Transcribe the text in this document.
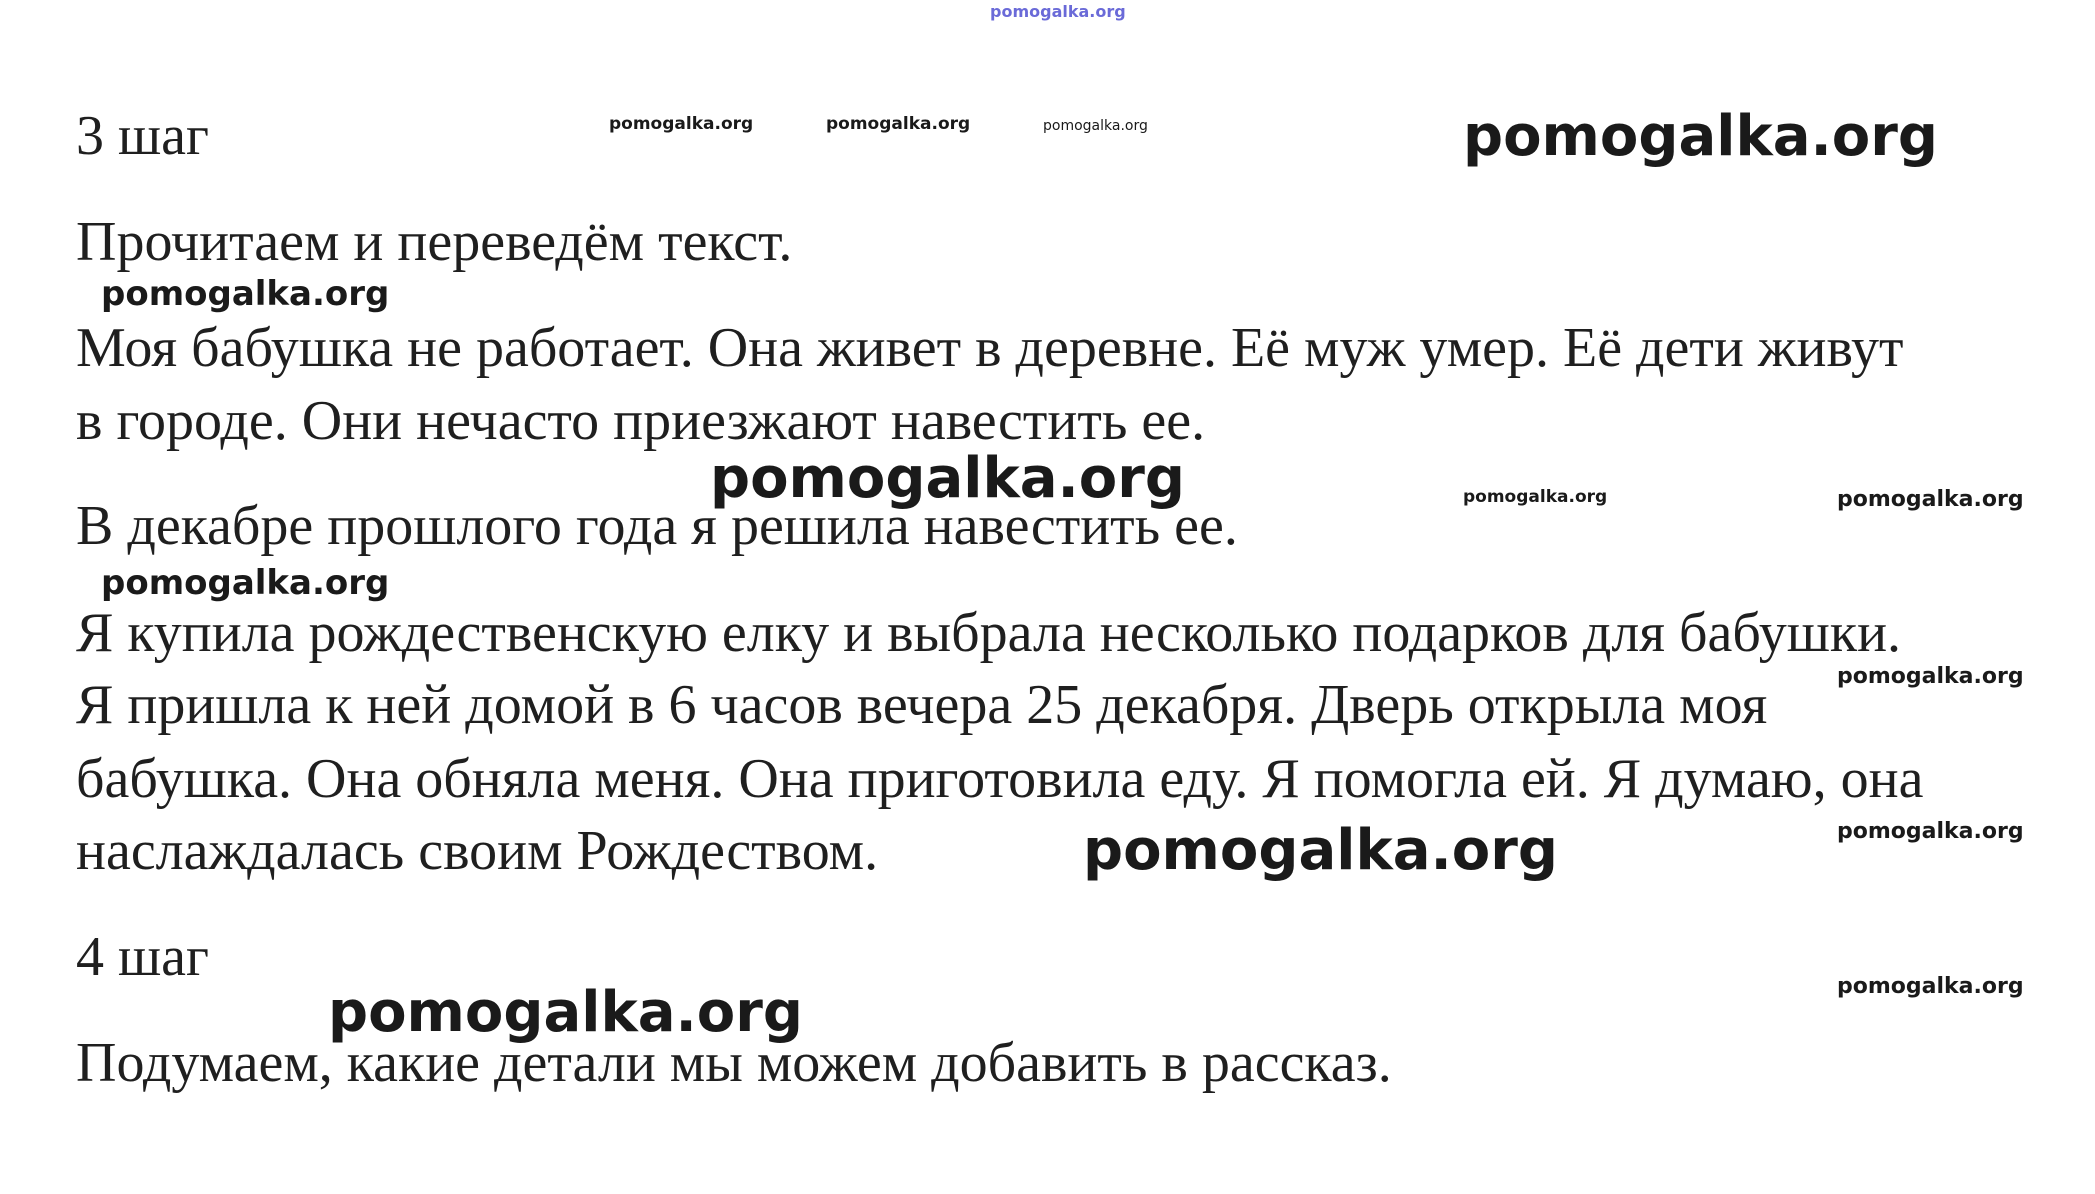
pomogalka.org
3 шаг	pomogalka.org	pomogalka.org	pomogalka.org	pomogalka.org
Прочитаем и переведём текст.
pomogalka.org
Моя бабушка не работает. Она живет в деревне. Её муж умер. Её дети живут
в городе. Они нечасто приезжают навестить ее.
В декабре прошлого года я решила навестить ее.
pomogalka.org	pomogalka.org	pomogalka.org
pomogalka.org
Я купила рождественскую елку и выбрала несколько подарков для бабушки.
pomogalka.org
Я пришла к ней домой в 6 часов вечера 25 декабря. Дверь открыла моя
бабушка. Она обняла меня. Она приготовила еду. Я помогла ей. Я думаю, она
наслаждалась своим Рождеством.	pomogalka.org
pomogalka.org
4 шаг	pomogalka.org
pomogalka.org
Подумаем, какие детали мы можем добавить в рассказ.
